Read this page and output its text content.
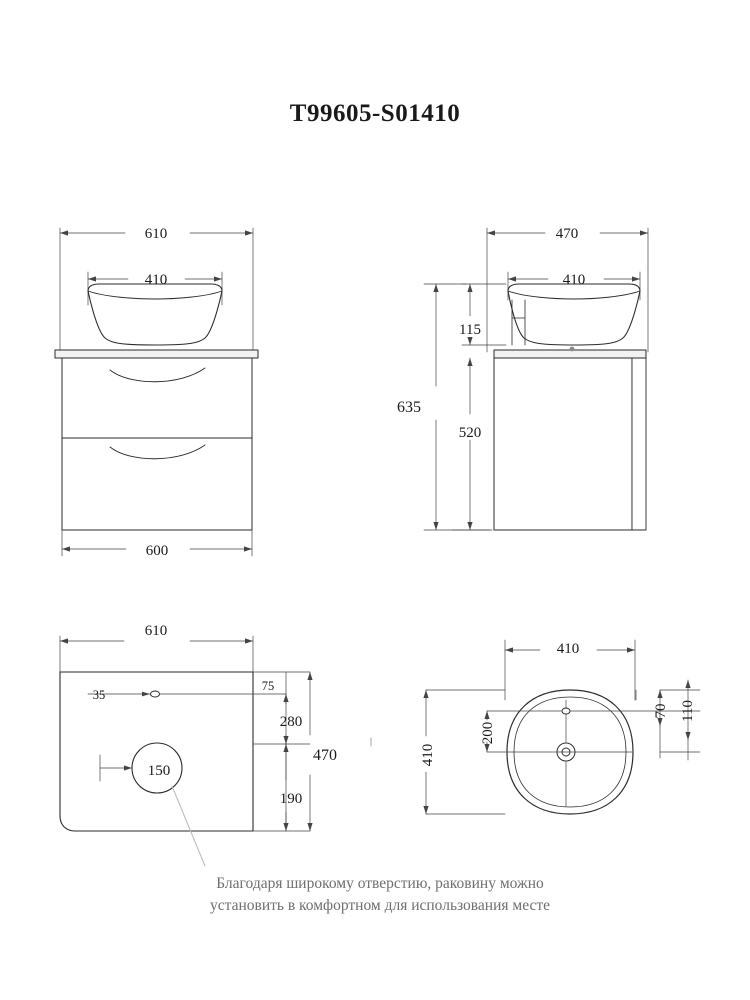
T99605-S01410
610
410
600
470
410
115
635
520
610
35
75
280
150
190
470
410
410
200
70 110
Благодаря широкому отверстию, раковину можно
установить в комфортном для использования месте
